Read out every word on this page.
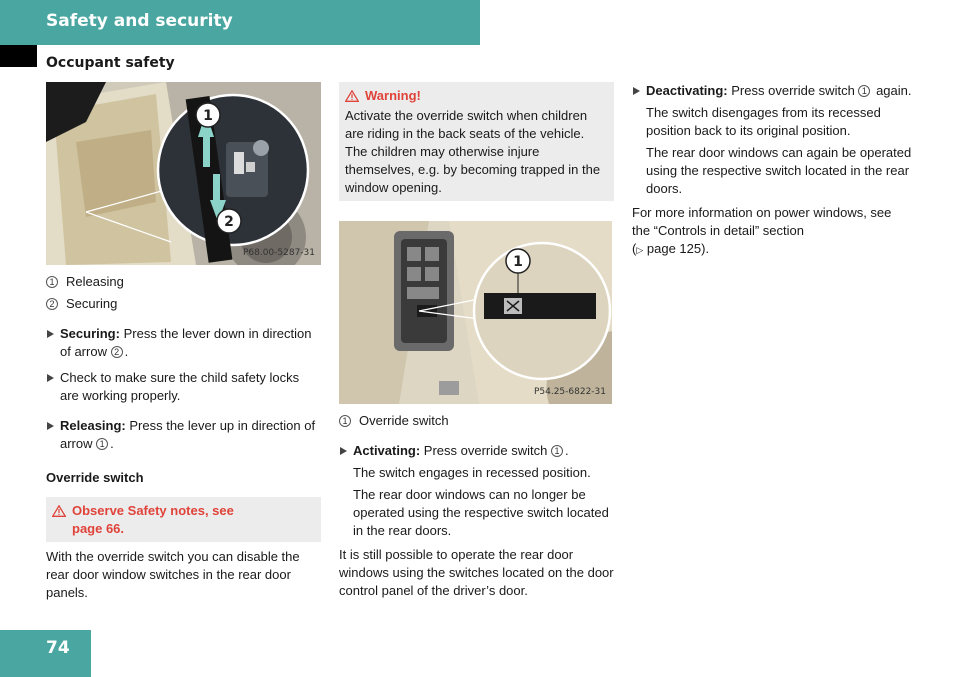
Safety and security
Occupant safety
1
2
P68.00-5287-31
1 Releasing
2 Securing
Securing: Press the lever down in direction of arrow 2 .
Check to make sure the child safety locks are working properly.
Releasing: Press the lever up in direction of arrow 1 .
Override switch
Observe Safety notes, see
page 66.
With the override switch you can disable the rear door window switches in the rear door panels.
Warning!
Activate the override switch when children are riding in the back seats of the vehicle. The children may otherwise injure themselves, e.g. by becoming trapped in the window opening.
1
P54.25-6822-31
1 Override switch
Activating: Press override switch 1 .
The switch engages in recessed position.
The rear door windows can no longer be operated using the respective switch located in the rear doors.
It is still possible to operate the rear door windows using the switches located on the door control panel of the driver’s door.
Deactivating: Press override switch 1 again.
The switch disengages from its recessed position back to its original position.
The rear door windows can again be operated using the respective switch located in the rear doors.
For more information on power windows, see the “Controls in detail” section
(▷ page 125).
74
